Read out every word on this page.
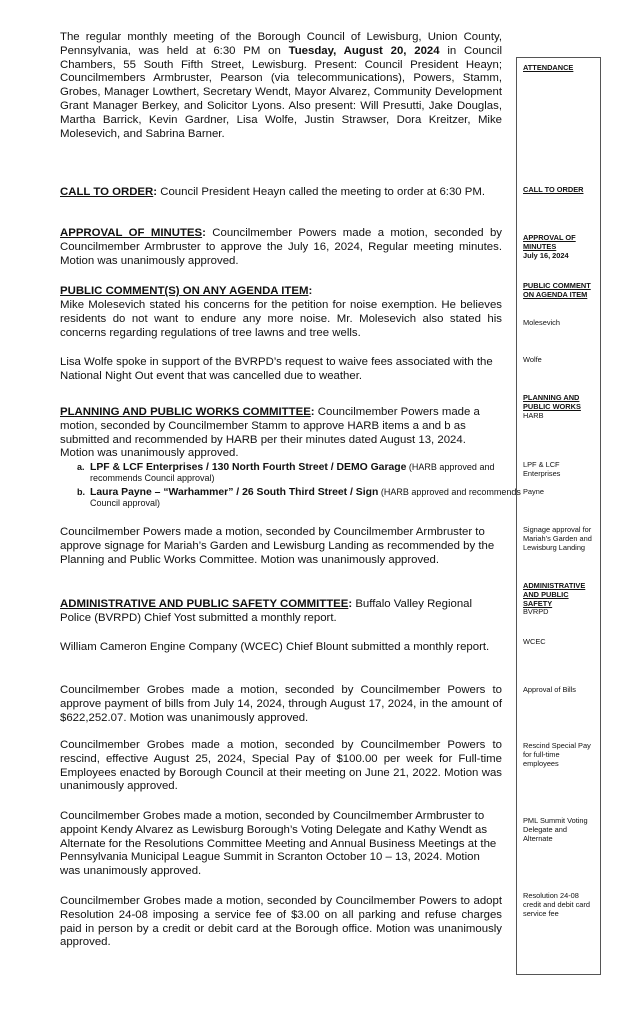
The regular monthly meeting of the Borough Council of Lewisburg, Union County, Pennsylvania, was held at 6:30 PM on Tuesday, August 20, 2024 in Council Chambers, 55 South Fifth Street, Lewisburg. Present: Council President Heayn; Councilmembers Armbruster, Pearson (via telecommunications), Powers, Stamm, Grobes, Manager Lowthert, Secretary Wendt, Mayor Alvarez, Community Development Grant Manager Berkey, and Solicitor Lyons. Also present: Will Presutti, Jake Douglas, Martha Barrick, Kevin Gardner, Lisa Wolfe, Justin Strawser, Dora Kreitzer, Mike Molesevich, and Sabrina Barner.

CALL TO ORDER: Council President Heayn called the meeting to order at 6:30 PM.

APPROVAL OF MINUTES: Councilmember Powers made a motion, seconded by Councilmember Armbruster to approve the July 16, 2024, Regular meeting minutes. Motion was unanimously approved.

PUBLIC COMMENT(S) ON ANY AGENDA ITEM:

Mike Molesevich stated his concerns for the petition for noise exemption. He believes residents do not want to endure any more noise. Mr. Molesevich also stated his concerns regarding regulations of tree lawns and tree wells.

Lisa Wolfe spoke in support of the BVRPD’s request to waive fees associated with the National Night Out event that was cancelled due to weather.

PLANNING AND PUBLIC WORKS COMMITTEE: Councilmember Powers made a motion, seconded by Councilmember Stamm to approve HARB items a and b as submitted and recommended by HARB per their minutes dated August 13, 2024. Motion was unanimously approved.

a. LPF & LCF Enterprises / 130 North Fourth Street / DEMO Garage (HARB approved and recommends Council approval)
b. Laura Payne – “Warhammer” / 26 South Third Street / Sign (HARB approved and recommends Council approval)

Councilmember Powers made a motion, seconded by Councilmember Armbruster to approve signage for Mariah’s Garden and Lewisburg Landing as recommended by the Planning and Public Works Committee. Motion was unanimously approved.

ADMINISTRATIVE AND PUBLIC SAFETY COMMITTEE: Buffalo Valley Regional Police (BVRPD) Chief Yost submitted a monthly report.

William Cameron Engine Company (WCEC) Chief Blount submitted a monthly report.

Councilmember Grobes made a motion, seconded by Councilmember Powers to approve payment of bills from July 14, 2024, through August 17, 2024, in the amount of $622,252.07. Motion was unanimously approved.

Councilmember Grobes made a motion, seconded by Councilmember Powers to rescind, effective August 25, 2024, Special Pay of $100.00 per week for Full-time Employees enacted by Borough Council at their meeting on June 21, 2022. Motion was unanimously approved.

Councilmember Grobes made a motion, seconded by Councilmember Armbruster to appoint Kendy Alvarez as Lewisburg Borough’s Voting Delegate and Kathy Wendt as Alternate for the Resolutions Committee Meeting and Annual Business Meetings at the Pennsylvania Municipal League Summit in Scranton October 10 – 13, 2024. Motion was unanimously approved.

Councilmember Grobes made a motion, seconded by Councilmember Powers to adopt Resolution 24-08 imposing a service fee of $3.00 on all parking and refuse charges paid in person by a credit or debit card at the Borough office. Motion was unanimously approved.

ATTENDANCE
CALL TO ORDER
APPROVAL OF MINUTES
July 16, 2024
PUBLIC COMMENT ON AGENDA ITEM
Molesevich
Wolfe
PLANNING AND PUBLIC WORKS
HARB
LPF & LCF Enterprises
Payne
Signage approval for Mariah’s Garden and Lewisburg Landing
ADMINISTRATIVE AND PUBLIC SAFETY
BVRPD
WCEC
Approval of Bills
Rescind Special Pay for full-time employees
PML Summit Voting Delegate and Alternate
Resolution 24-08 credit and debit card service fee
